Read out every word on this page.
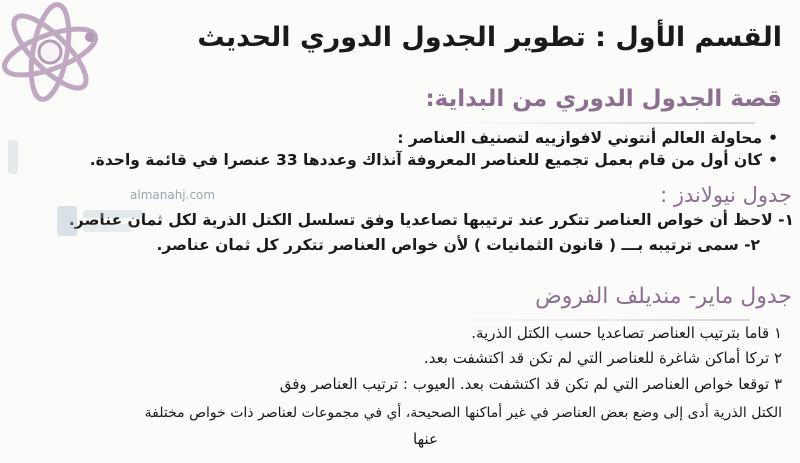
القسم الأول : تطوير الجدول الدوري الحديث
قصة الجدول الدوري من البداية:
•محاولة العالم أنتوني لافوازييه لتصنيف العناصر :
•كان أول من قام بعمل تجميع للعناصر المعروفة آنذاك وعددها 33 عنصرا في قائمة واحدة.
جدول نيولاندز :
١- لاحظ أن خواص العناصر تتكرر عند ترتيبها تصاعديا وفق تسلسل الكتل الذرية لكل ثمان عناصر.
٢- سمى ترتيبه بـــ ( قانون الثمانيات ) لأن خواص العناصر تتكرر كل ثمان عناصر.
almanahj.com
جدول ماير- منديلف الفروض
١ قاما بترتيب العناصر تصاعديا حسب الكتل الذرية.
٢ تركا أماكن شاغرة للعناصر التي لم تكن قد اكتشفت بعد.
٣ توقعا خواص العناصر التي لم تكن قد اكتشفت بعد. العيوب : ترتيب العناصر وفق
الكتل الذرية أدى إلى وضع بعض العناصر في غير أماكنها الصحيحة، أي في مجموعات لعناصر ذات خواص مختلفة
عنها
